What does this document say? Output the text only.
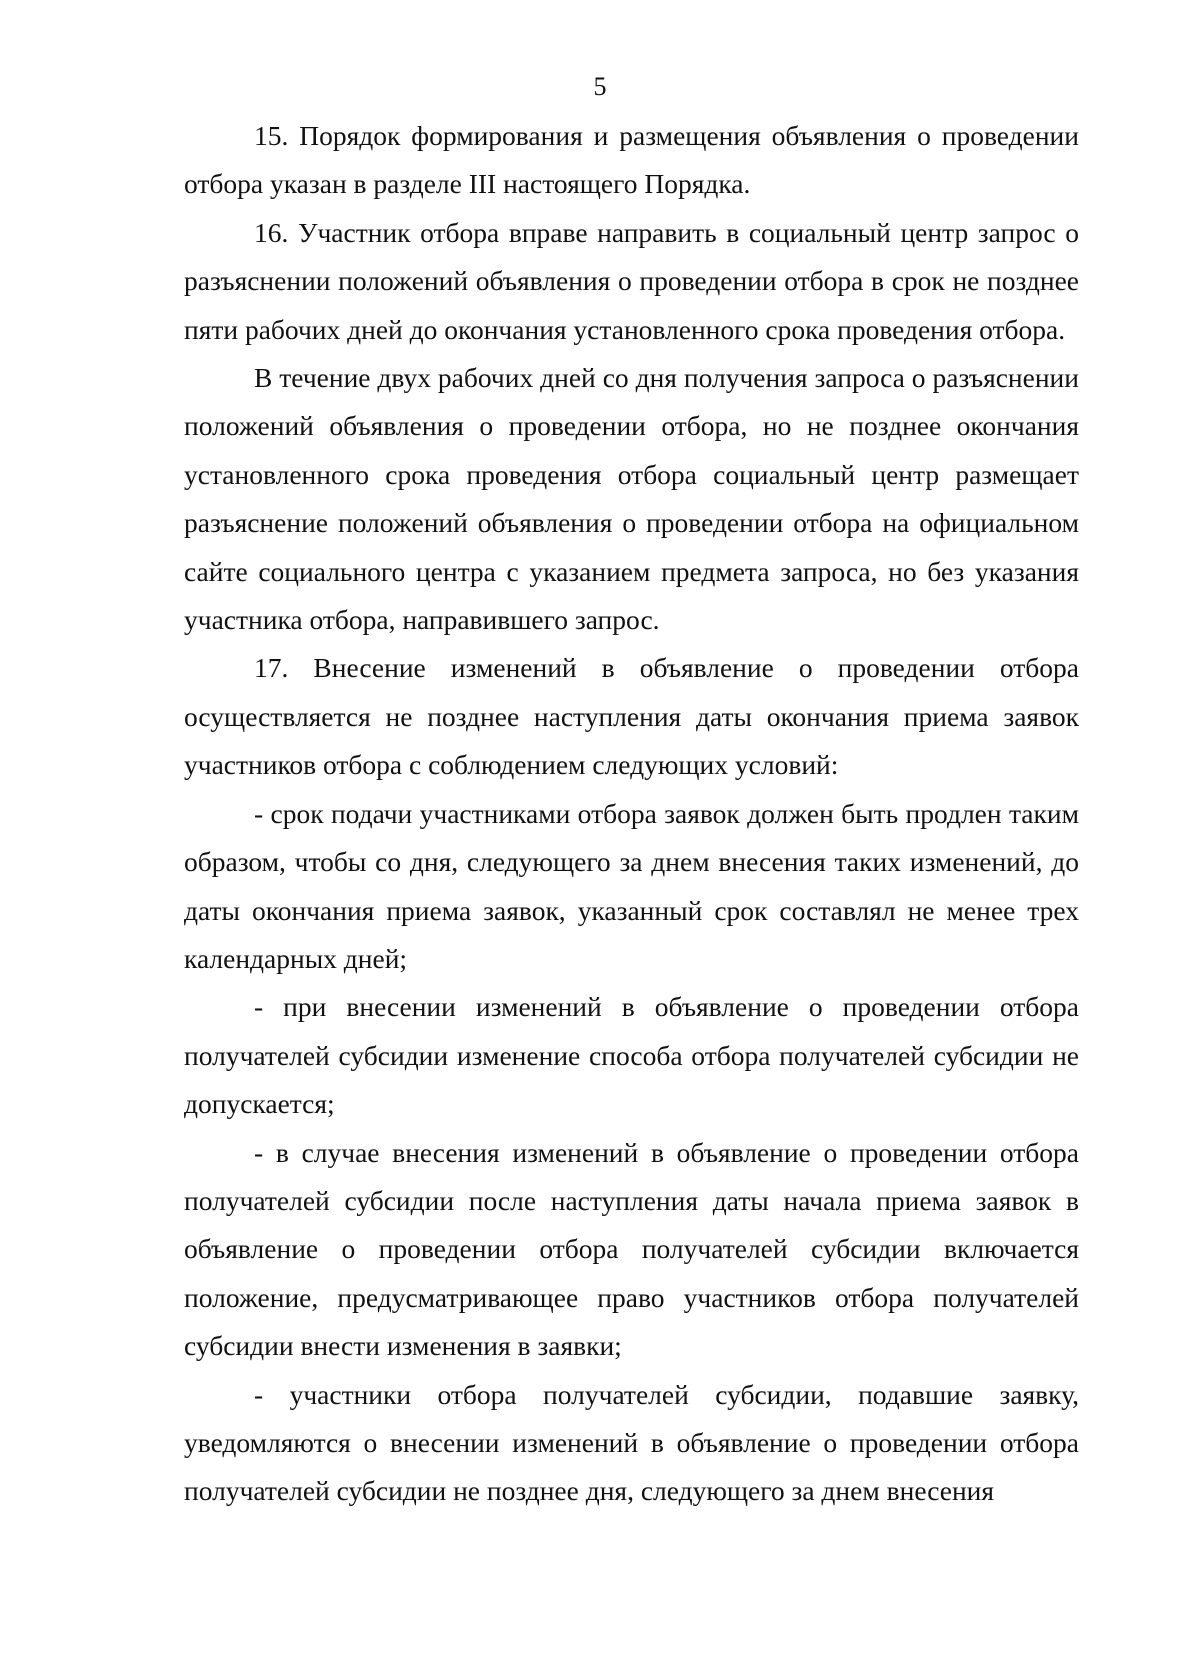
5

15. Порядок формирования и размещения объявления о проведении отбора указан в разделе III настоящего Порядка.

16. Участник отбора вправе направить в социальный центр запрос о разъяснении положений объявления о проведении отбора в срок не позднее пяти рабочих дней до окончания установленного срока проведения отбора.

В течение двух рабочих дней со дня получения запроса о разъяснении положений объявления о проведении отбора, но не позднее окончания установленного срока проведения отбора социальный центр размещает разъяснение положений объявления о проведении отбора на официальном сайте социального центра с указанием предмета запроса, но без указания участника отбора, направившего запрос.

17. Внесение изменений в объявление о проведении отбора осуществляется не позднее наступления даты окончания приема заявок участников отбора с соблюдением следующих условий:

- срок подачи участниками отбора заявок должен быть продлен таким образом, чтобы со дня, следующего за днем внесения таких изменений, до даты окончания приема заявок, указанный срок составлял не менее трех календарных дней;

- при внесении изменений в объявление о проведении отбора получателей субсидии изменение способа отбора получателей субсидии не допускается;

- в случае внесения изменений в объявление о проведении отбора получателей субсидии после наступления даты начала приема заявок в объявление о проведении отбора получателей субсидии включается положение, предусматривающее право участников отбора получателей субсидии внести изменения в заявки;

- участники отбора получателей субсидии, подавшие заявку, уведомляются о внесении изменений в объявление о проведении отбора получателей субсидии не позднее дня, следующего за днем внесения
